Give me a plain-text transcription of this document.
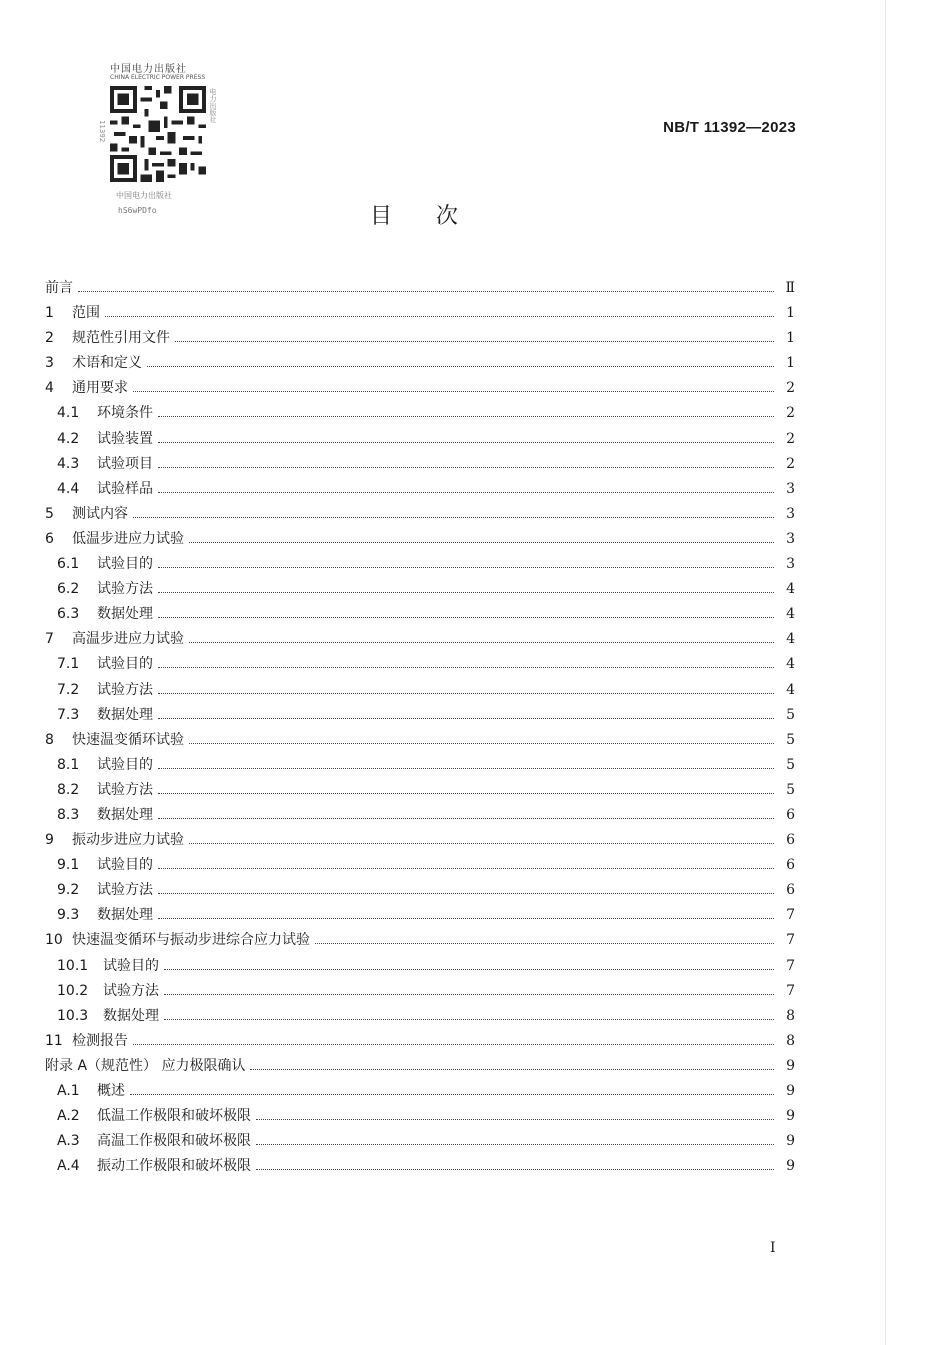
中国电力出版社
CHINA ELECTRIC POWER PRESS
中国电力出版社
hS6wPDfo
11392
电力出版社
NB/T 11392—2023
目次
前言	Ⅱ
1	范围	1
2	规范性引用文件	1
3	术语和定义	1
4	通用要求	2
4.1	环境条件	2
4.2	试验装置	2
4.3	试验项目	2
4.4	试验样品	3
5	测试内容	3
6	低温步进应力试验	3
6.1	试验目的	3
6.2	试验方法	4
6.3	数据处理	4
7	高温步进应力试验	4
7.1	试验目的	4
7.2	试验方法	4
7.3	数据处理	5
8	快速温变循环试验	5
8.1	试验目的	5
8.2	试验方法	5
8.3	数据处理	6
9	振动步进应力试验	6
9.1	试验目的	6
9.2	试验方法	6
9.3	数据处理	7
10 快速温变循环与振动步进综合应力试验	7
10.1	试验目的	7
10.2	试验方法	7
10.3	数据处理	8
11 检测报告	8
附录 A（规范性） 应力极限确认	9
A.1	概述	9
A.2	低温工作极限和破坏极限	9
A.3	高温工作极限和破坏极限	9
A.4	振动工作极限和破坏极限	9
I
